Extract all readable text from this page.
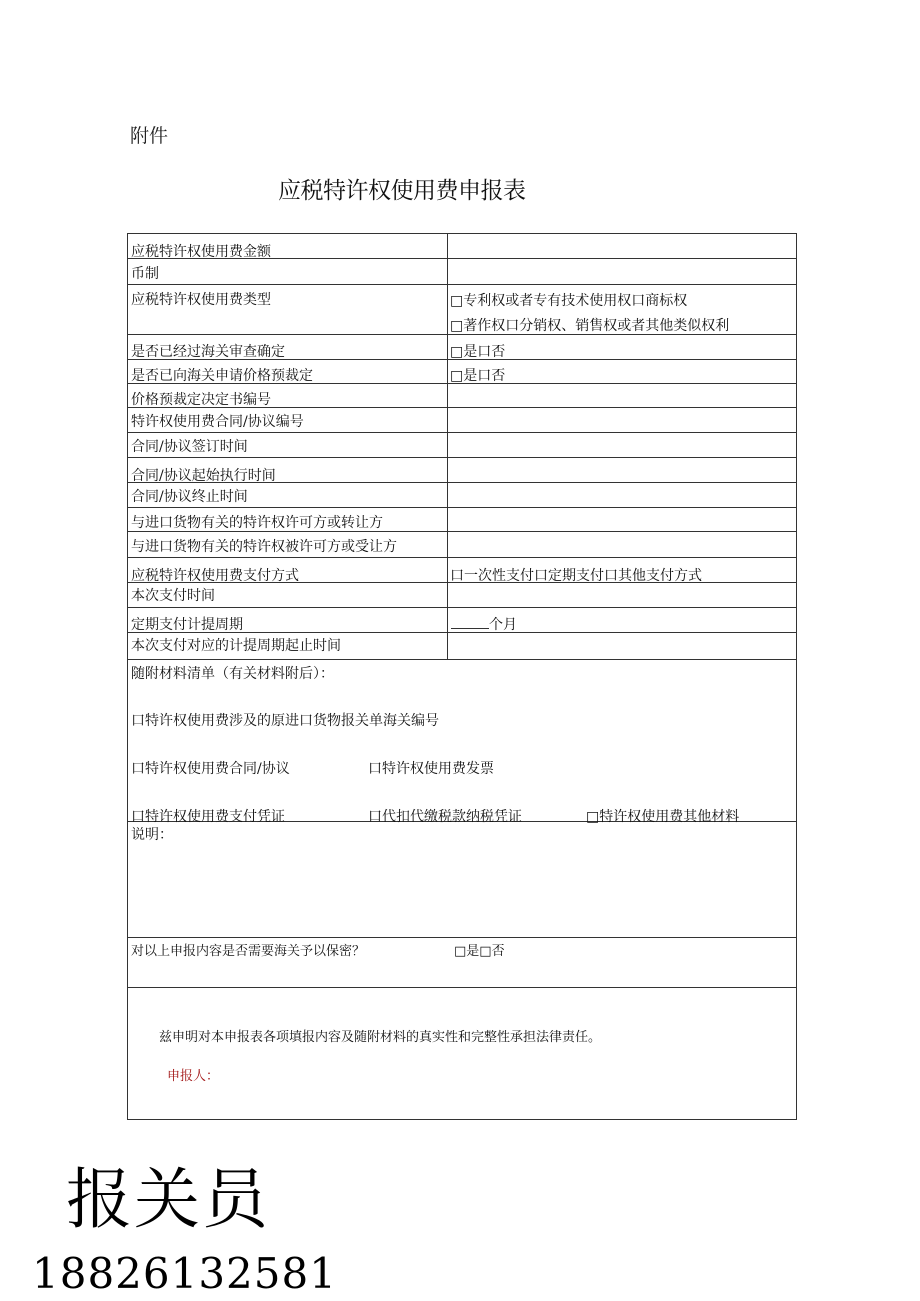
附件
应税特许权使用费申报表
应税特许权使用费金额
币制
应税特许权使用费类型	□专利权或者专有技术使用权口商标权
□著作权口分销权、销售权或者其他类似权利
是否已经过海关审查确定	□是口否
是否已向海关申请价格预裁定	□是口否
价格预裁定决定书编号
特许权使用费合同/协议编号
合同/协议签订时间
合同/协议起始执行时间
合同/协议终止时间
与进口货物有关的特许权许可方或转让方
与进口货物有关的特许权被许可方或受让方
应税特许权使用费支付方式	口一次性支付口定期支付口其他支付方式
本次支付时间
定期支付计提周期	个月
本次支付对应的计提周期起止时间
随附材料清单（有关材料附后）：
口特许权使用费涉及的原进口货物报关单海关编号
口特许权使用费合同/协议	口特许权使用费发票
口特许权使用费支付凭证	口代扣代缴税款纳税凭证	□特许权使用费其他材料
说明：
对以上申报内容是否需要海关予以保密？	□是□否
兹申明对本申报表各项填报内容及随附材料的真实性和完整性承担法律责任。
申报人：
报关员
18826132581
